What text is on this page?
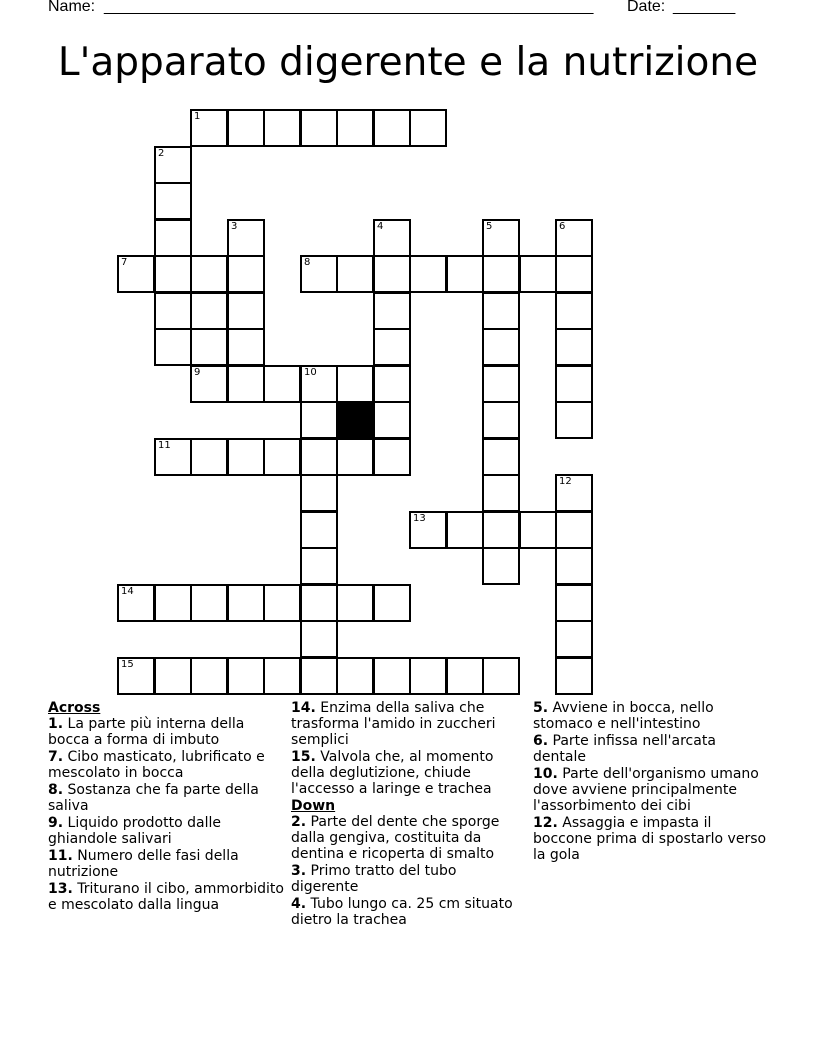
Name: _______________________________________________________ Date: _______
L'apparato digerente e la nutrizione
1
7	8
9	10
11
13
14
15
2
3	4	5	6
12
Across
1. La parte più interna della bocca a forma di imbuto
7. Cibo masticato, lubrificato e mescolato in bocca
8. Sostanza che fa parte della saliva
9. Liquido prodotto dalle ghiandole salivari
11. Numero delle fasi della nutrizione
13. Triturano il cibo, ammorbidito e mescolato dalla lingua
14. Enzima della saliva che trasforma l'amido in zuccheri semplici
15. Valvola che, al momento della deglutizione, chiude l'accesso a laringe e trachea
Down
2. Parte del dente che sporge dalla gengiva, costituita da dentina e ricoperta di smalto
3. Primo tratto del tubo digerente
4. Tubo lungo ca. 25 cm situato dietro la trachea
5. Avviene in bocca, nello stomaco e nell'intestino
6. Parte infissa nell'arcata dentale
10. Parte dell'organismo umano dove avviene principalmente l'assorbimento dei cibi
12. Assaggia e impasta il boccone prima di spostarlo verso la gola
